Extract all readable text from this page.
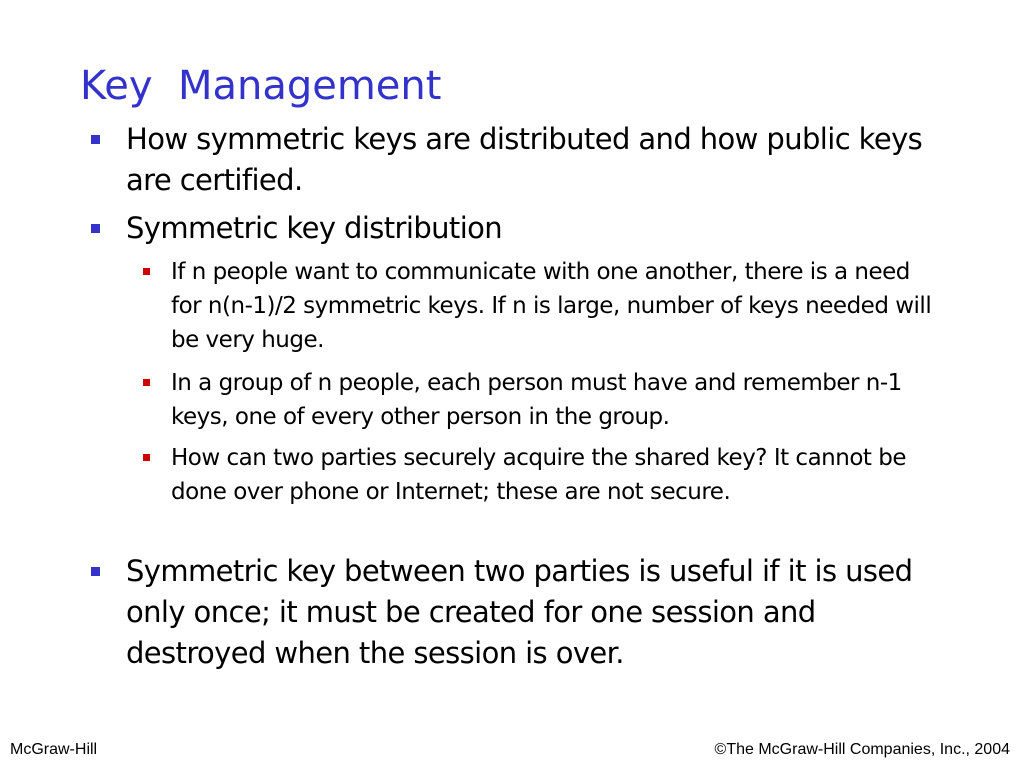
Key  Management
How symmetric keys are distributed and how public keys are certified.
Symmetric key distribution
If n people want to communicate with one another, there is a need for n(n-1)/2 symmetric keys. If n is large, number of keys needed will be very huge.
In a group of n people, each person must have and remember n-1 keys, one of every other person in the group.
How can two parties securely acquire the shared key? It cannot be done over phone or Internet; these are not secure.
Symmetric key between two parties is useful if it is used only once; it must be created for one session and destroyed when the session is over.
McGraw-Hill	©The McGraw-Hill Companies, Inc., 2004
